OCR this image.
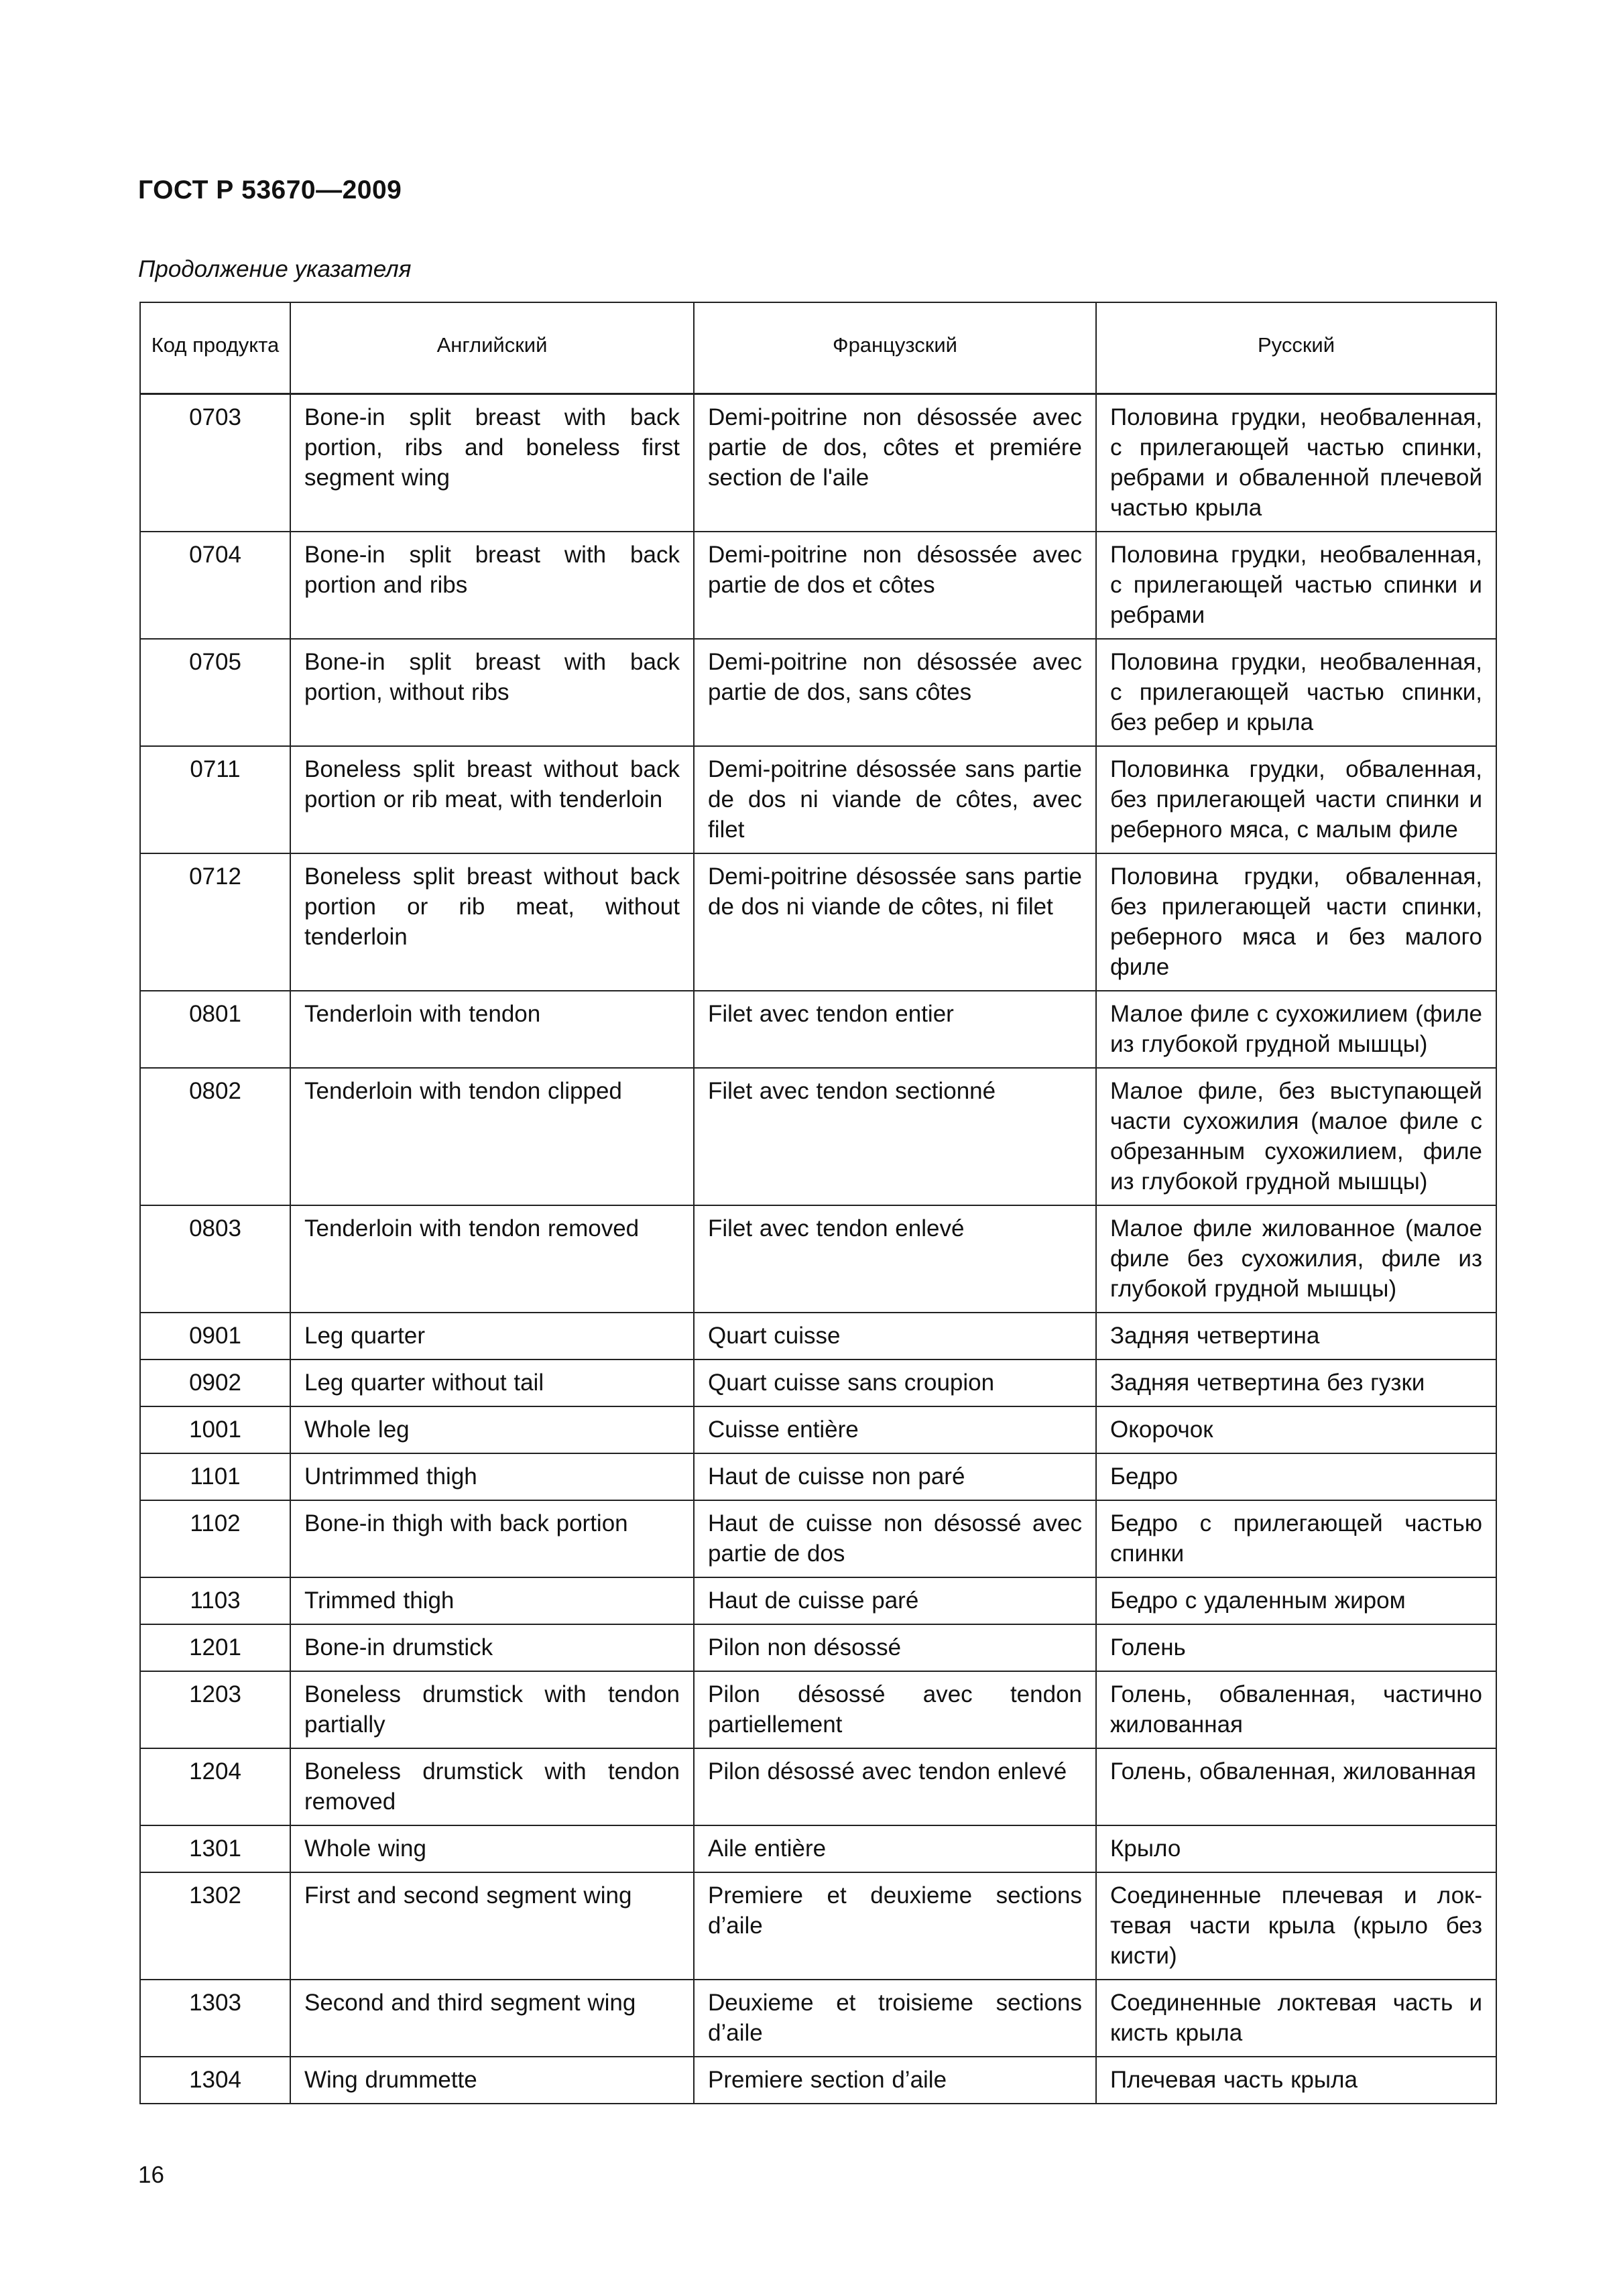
ГОСТ Р 53670—2009
Продолжение указателя
Код продукта	Английский	Французский	Русский

0703	Bone-in split breast with back portion, ribs and boneless first segment wing	Demi-poitrine non désossée avec partie de dos, côtes et premiére section de l'aile	Половина грудки, необваленная, с прилегающей частью спинки, ребрами и обваленной плечевой частью крыла
0704	Bone-in split breast with back portion and ribs	Demi-poitrine non désossée avec partie de dos et côtes	Половина грудки, необваленная, с прилегающей частью спинки и ребрами
0705	Bone-in split breast with back portion, without ribs	Demi-poitrine non désossée avec partie de dos, sans côtes	Половина грудки, необваленная, с прилегающей частью спинки, без ребер и крыла
0711	Boneless split breast without back portion or rib meat, with tenderloin	Demi-poitrine désossée sans partie de dos ni viande de côtes, avec filet	Половинка грудки, обваленная, без прилегающей части спинки и реберного мяса, с малым филе
0712	Boneless split breast without back portion or rib meat, without tenderloin	Demi-poitrine désossée sans partie de dos ni viande de côtes, ni filet	Половина грудки, обваленная, без прилегающей части спинки, реберного мяса и без малого филе
0801	Tenderloin with tendon	Filet avec tendon entier	Малое филе с сухожилием (филе из глубокой грудной мышцы)
0802	Tenderloin with tendon clipped	Filet avec tendon sectionné	Малое филе, без выступающей части сухожилия (малое филе с обрезанным сухожилием, филе из глубокой грудной мышцы)
0803	Tenderloin with tendon removed	Filet avec tendon enlevé	Малое филе жилованное (малое филе без сухожилия, филе из глубокой грудной мышцы)
0901	Leg quarter	Quart cuisse	Задняя четвертина
0902	Leg quarter without tail	Quart cuisse sans croupion	Задняя четвертина без гузки
1001	Whole leg	Cuisse entière	Окорочок
1101	Untrimmed thigh	Haut de cuisse non paré	Бедро
1102	Bone-in thigh with back portion	Haut de cuisse non désossé avec partie de dos	Бедро с прилегающей частью спинки
1103	Trimmed thigh	Haut de cuisse paré	Бедро с удаленным жиром
1201	Bone-in drumstick	Pilon non désossé	Голень
1203	Boneless drumstick with tendon partially	Pilon désossé avec tendon partiellement	Голень, обваленная, частично жилованная
1204	Boneless drumstick with tendon removed	Pilon désossé avec tendon enlevé	Голень, обваленная, жилованная
1301	Whole wing	Aile entière	Крыло
1302	First and second segment wing	Premiere et deuxieme sections d’aile	Соединенные плечевая и локтевая части крыла (крыло без кисти)
1303	Second and third segment wing	Deuxieme et troisieme sections d’aile	Соединенные локтевая часть и кисть крыла
1304	Wing drummette	Premiere section d’aile	Плечевая часть крыла
16
